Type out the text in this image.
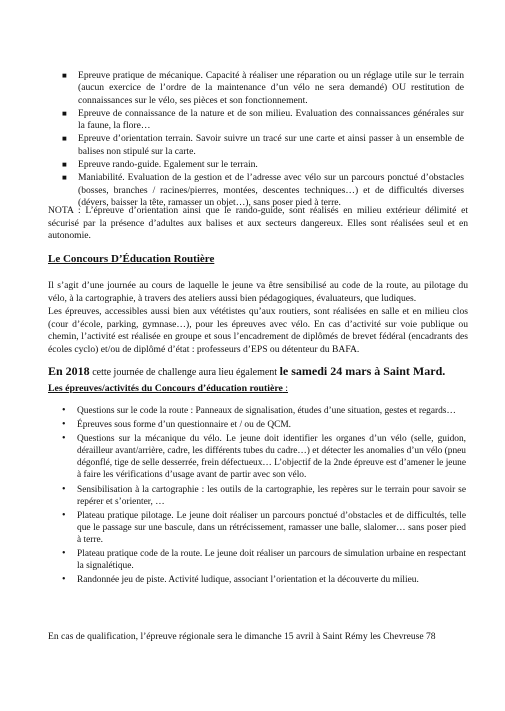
■ Epreuve pratique de mécanique. Capacité à réaliser une réparation ou un réglage utile sur le terrain (aucun exercice de l’ordre de la maintenance d’un vélo ne sera demandé) OU restitution de connaissances sur le vélo, ses pièces et son fonctionnement.
■ Epreuve de connaissance de la nature et de son milieu. Evaluation des connaissances générales sur la faune, la flore…
■ Epreuve d’orientation terrain. Savoir suivre un tracé sur une carte et ainsi passer à un ensemble de balises non stipulé sur la carte.
■ Epreuve rando-guide. Egalement sur le terrain.
■ Maniabilité. Evaluation de la gestion et de l’adresse avec vélo sur un parcours ponctué d’obstacles (bosses, branches / racines/pierres, montées, descentes techniques…) et de difficultés diverses (dévers, baisser la tête, ramasser un objet…), sans poser pied à terre.

NOTA : L’épreuve d’orientation ainsi que le rando-guide, sont réalisés en milieu extérieur délimité et sécurisé par la présence d’adultes aux balises et aux secteurs dangereux. Elles sont réalisées seul et en autonomie.

Le Concours D’Éducation Routière

Il s’agit d’une journée au cours de laquelle le jeune va être sensibilisé au code de la route, au pilotage du vélo, à la cartographie, à travers des ateliers aussi bien pédagogiques, évaluateurs, que ludiques.

Les épreuves, accessibles aussi bien aux vététistes qu’aux routiers, sont réalisées en salle et en milieu clos (cour d’école, parking, gymnase…), pour les épreuves avec vélo. En cas d’activité sur voie publique ou chemin, l’activité est réalisée en groupe et sous l’encadrement de diplômés de brevet fédéral (encadrants des écoles cyclo) et/ou de diplômé d’état : professeurs d’EPS ou détenteur du BAFA.

En 2018 cette journée de challenge aura lieu également le samedi 24 mars à Saint Mard.
Les épreuves/activités du Concours d’éducation routière :
• Questions sur le code la route : Panneaux de signalisation, études d’une situation, gestes et regards…
• Épreuves sous forme d’un questionnaire et / ou de QCM.
• Questions sur la mécanique du vélo. Le jeune doit identifier les organes d’un vélo (selle, guidon, dérailleur avant/arrière, cadre, les différents tubes du cadre…) et détecter les anomalies d’un vélo (pneu dégonflé, tige de selle desserrée, frein défectueux… L’objectif de la 2nde épreuve est d’amener le jeune à faire les vérifications d’usage avant de partir avec son vélo.
• Sensibilisation à la cartographie : les outils de la cartographie, les repères sur le terrain pour savoir se repérer et s’orienter, …
• Plateau pratique pilotage. Le jeune doit réaliser un parcours ponctué d’obstacles et de difficultés, telle que le passage sur une bascule, dans un rétrécissement, ramasser une balle, slalomer… sans poser pied à terre.
• Plateau pratique code de la route. Le jeune doit réaliser un parcours de simulation urbaine en respectant la signalétique.
• Randonnée jeu de piste. Activité ludique, associant l’orientation et la découverte du milieu.

En cas de qualification, l’épreuve régionale sera le dimanche 15 avril à Saint Rémy les Chevreuse 78
